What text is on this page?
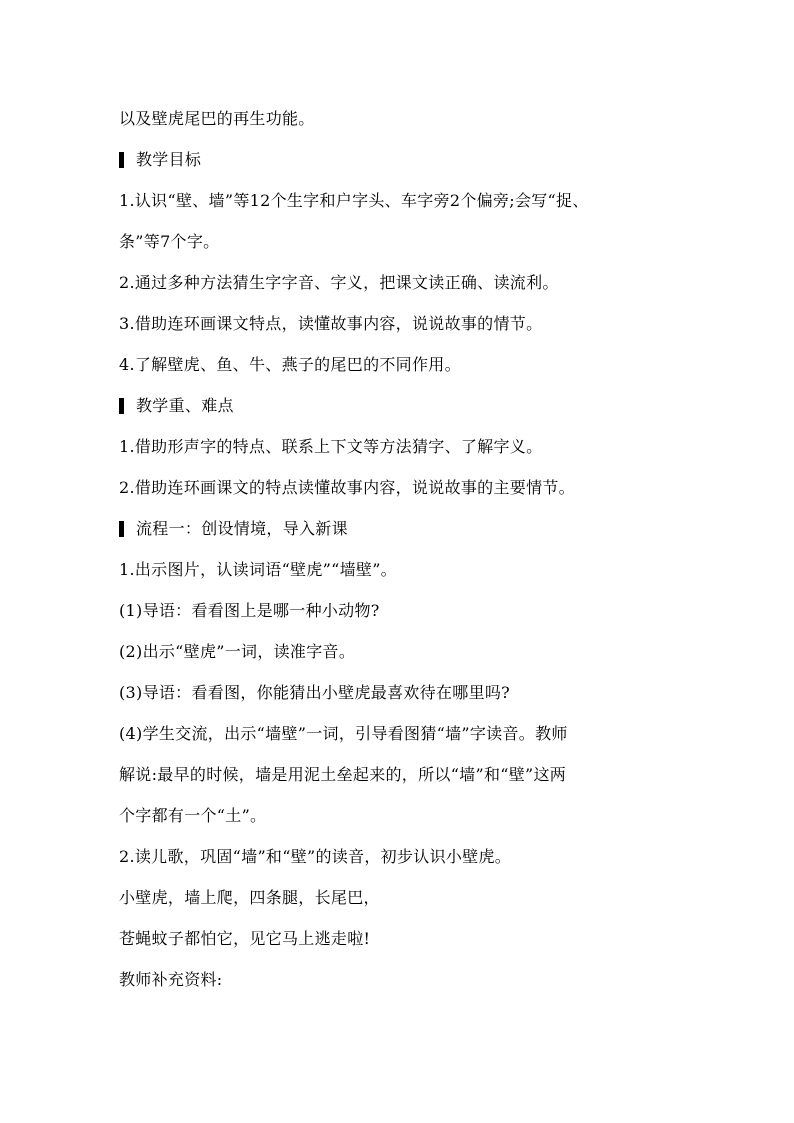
以及壁虎尾巴的再生功能。
教学目标
1.认识“壁、墙”等12个生字和户字头、车字旁2个偏旁;会写“捉、
条”等7个字。
2.通过多种方法猜生字字音、字义，把课文读正确、读流利。
3.借助连环画课文特点，读懂故事内容，说说故事的情节。
4.了解壁虎、鱼、牛、燕子的尾巴的不同作用。
教学重、难点
1.借助形声字的特点、联系上下文等方法猜字、了解字义。
2.借助连环画课文的特点读懂故事内容，说说故事的主要情节。
流程一：创设情境，导入新课
1.出示图片，认读词语“壁虎”“墙壁”。
(1)导语：看看图上是哪一种小动物?
(2)出示“壁虎”一词，读准字音。
(3)导语：看看图，你能猜出小壁虎最喜欢待在哪里吗?
(4)学生交流，出示“墙壁”一词，引导看图猜“墙”字读音。教师
解说:最早的时候，墙是用泥土垒起来的，所以“墙”和“壁”这两
个字都有一个“土”。
2.读儿歌，巩固“墙”和“壁”的读音，初步认识小壁虎。
小壁虎，墙上爬，四条腿，长尾巴，
苍蝇蚊子都怕它，见它马上逃走啦!
教师补充资料:
